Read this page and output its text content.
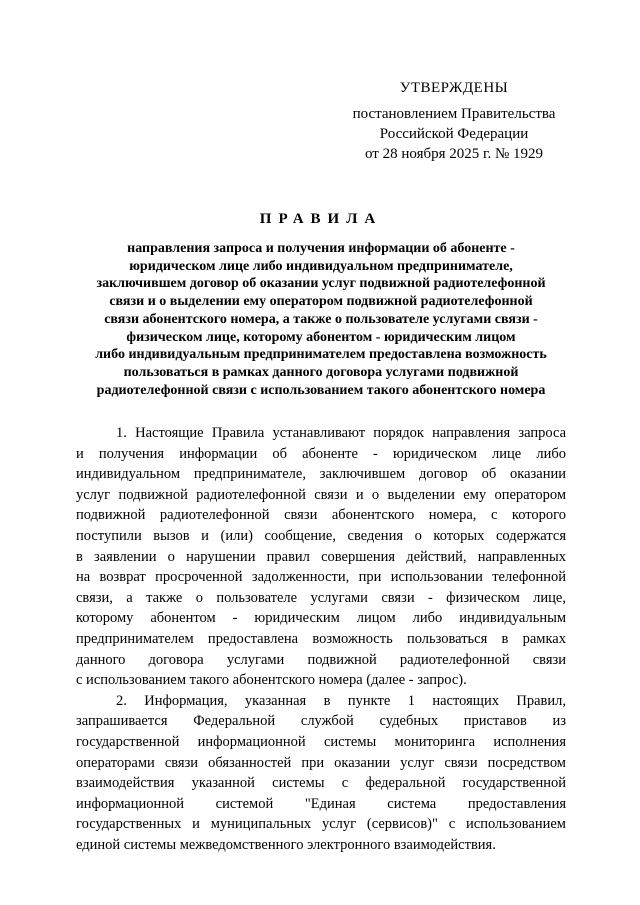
УТВЕРЖДЕНЫ
постановлением Правительства
Российской Федерации
от 28 ноября 2025 г. № 1929
ПРАВИЛА
направления запроса и получения информации об абоненте -
юридическом лице либо индивидуальном предпринимателе,
заключившем договор об оказании услуг подвижной радиотелефонной
связи и о выделении ему оператором подвижной радиотелефонной
связи абонентского номера, а также о пользователе услугами связи -
физическом лице, которому абонентом - юридическим лицом
либо индивидуальным предпринимателем предоставлена возможность
пользоваться в рамках данного договора услугами подвижной
радиотелефонной связи с использованием такого абонентского номера
1. Настоящие Правила устанавливают порядок направления запроса
и получения информации об абоненте - юридическом лице либо
индивидуальном предпринимателе, заключившем договор об оказании
услуг подвижной радиотелефонной связи и о выделении ему оператором
подвижной радиотелефонной связи абонентского номера, с которого
поступили вызов и (или) сообщение, сведения о которых содержатся
в заявлении о нарушении правил совершения действий, направленных
на возврат просроченной задолженности, при использовании телефонной
связи, а также о пользователе услугами связи - физическом лице,
которому абонентом - юридическим лицом либо индивидуальным
предпринимателем предоставлена возможность пользоваться в рамках
данного договора услугами подвижной радиотелефонной связи
с использованием такого абонентского номера (далее - запрос).
2. Информация, указанная в пункте 1 настоящих Правил,
запрашивается Федеральной службой судебных приставов из
государственной информационной системы мониторинга исполнения
операторами связи обязанностей при оказании услуг связи посредством
взаимодействия указанной системы с федеральной государственной
информационной системой "Единая система предоставления
государственных и муниципальных услуг (сервисов)" с использованием
единой системы межведомственного электронного взаимодействия.
